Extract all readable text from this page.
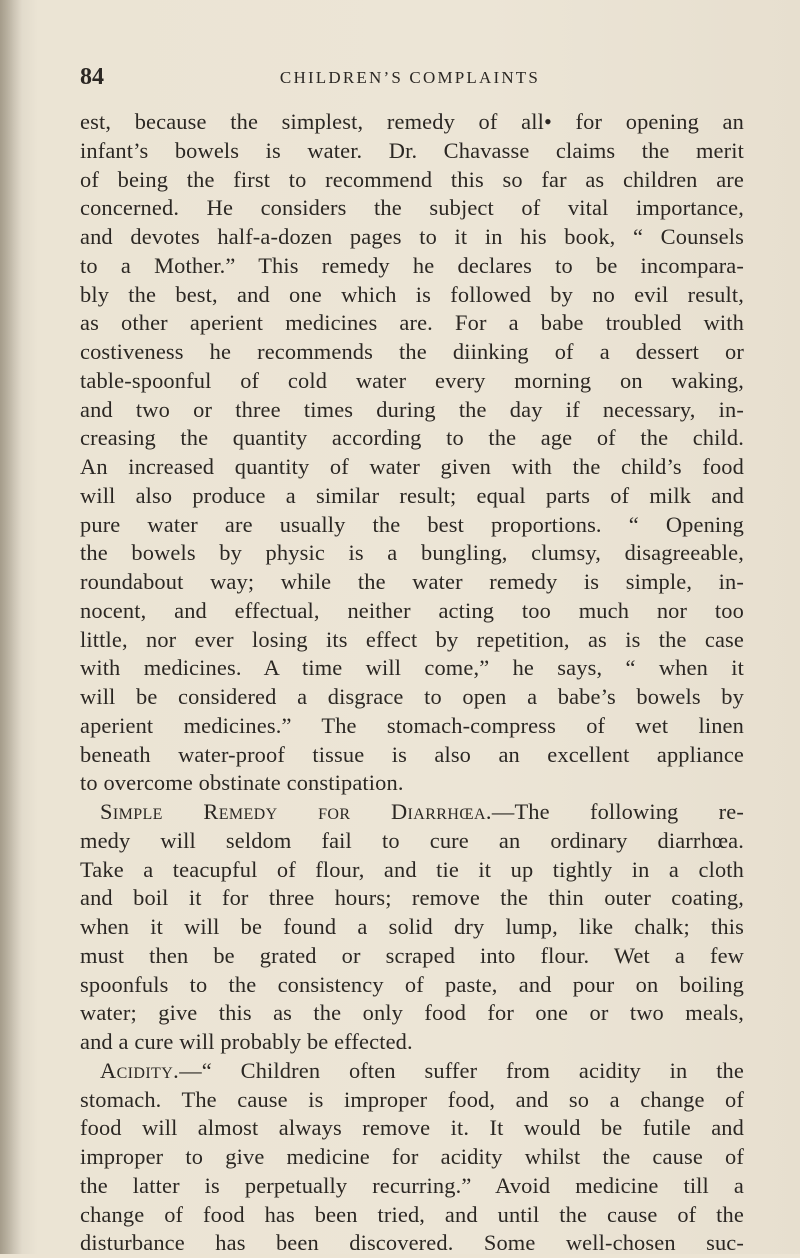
84	CHILDREN’S COMPLAINTS
est, because the simplest, remedy of all• for opening an
infant’s bowels is water. Dr. Chavasse claims the merit
of being the first to recommend this so far as children are
concerned. He considers the subject of vital importance,
and devotes half-a-dozen pages to it in his book, “ Counsels
to a Mother.” This remedy he declares to be incompara-
bly the best, and one which is followed by no evil result,
as other aperient medicines are. For a babe troubled with
costiveness he recommends the diinking of a dessert or
table-spoonful of cold water every morning on waking,
and two or three times during the day if necessary, in-
creasing the quantity according to the age of the child.
An increased quantity of water given with the child’s food
will also produce a similar result; equal parts of milk and
pure water are usually the best proportions. “ Opening
the bowels by physic is a bungling, clumsy, disagreeable,
roundabout way; while the water remedy is simple, in-
nocent, and effectual, neither acting too much nor too
little, nor ever losing its effect by repetition, as is the case
with medicines. A time will come,” he says, “ when it
will be considered a disgrace to open a babe’s bowels by
aperient medicines.” The stomach-compress of wet linen
beneath water-proof tissue is also an excellent appliance
to overcome obstinate constipation.
Simple Remedy for Diarrhœa.—The following re-
medy will seldom fail to cure an ordinary diarrhœa.
Take a teacupful of flour, and tie it up tightly in a cloth
and boil it for three hours; remove the thin outer coating,
when it will be found a solid dry lump, like chalk; this
must then be grated or scraped into flour. Wet a few
spoonfuls to the consistency of paste, and pour on boiling
water; give this as the only food for one or two meals,
and a cure will probably be effected.
Acidity.—“ Children often suffer from acidity in the
stomach. The cause is improper food, and so a change of
food will almost always remove it. It would be futile and
improper to give medicine for acidity whilst the cause of
the latter is perpetually recurring.” Avoid medicine till a
change of food has been tried, and until the cause of the
disturbance has been discovered. Some well-chosen suc-
